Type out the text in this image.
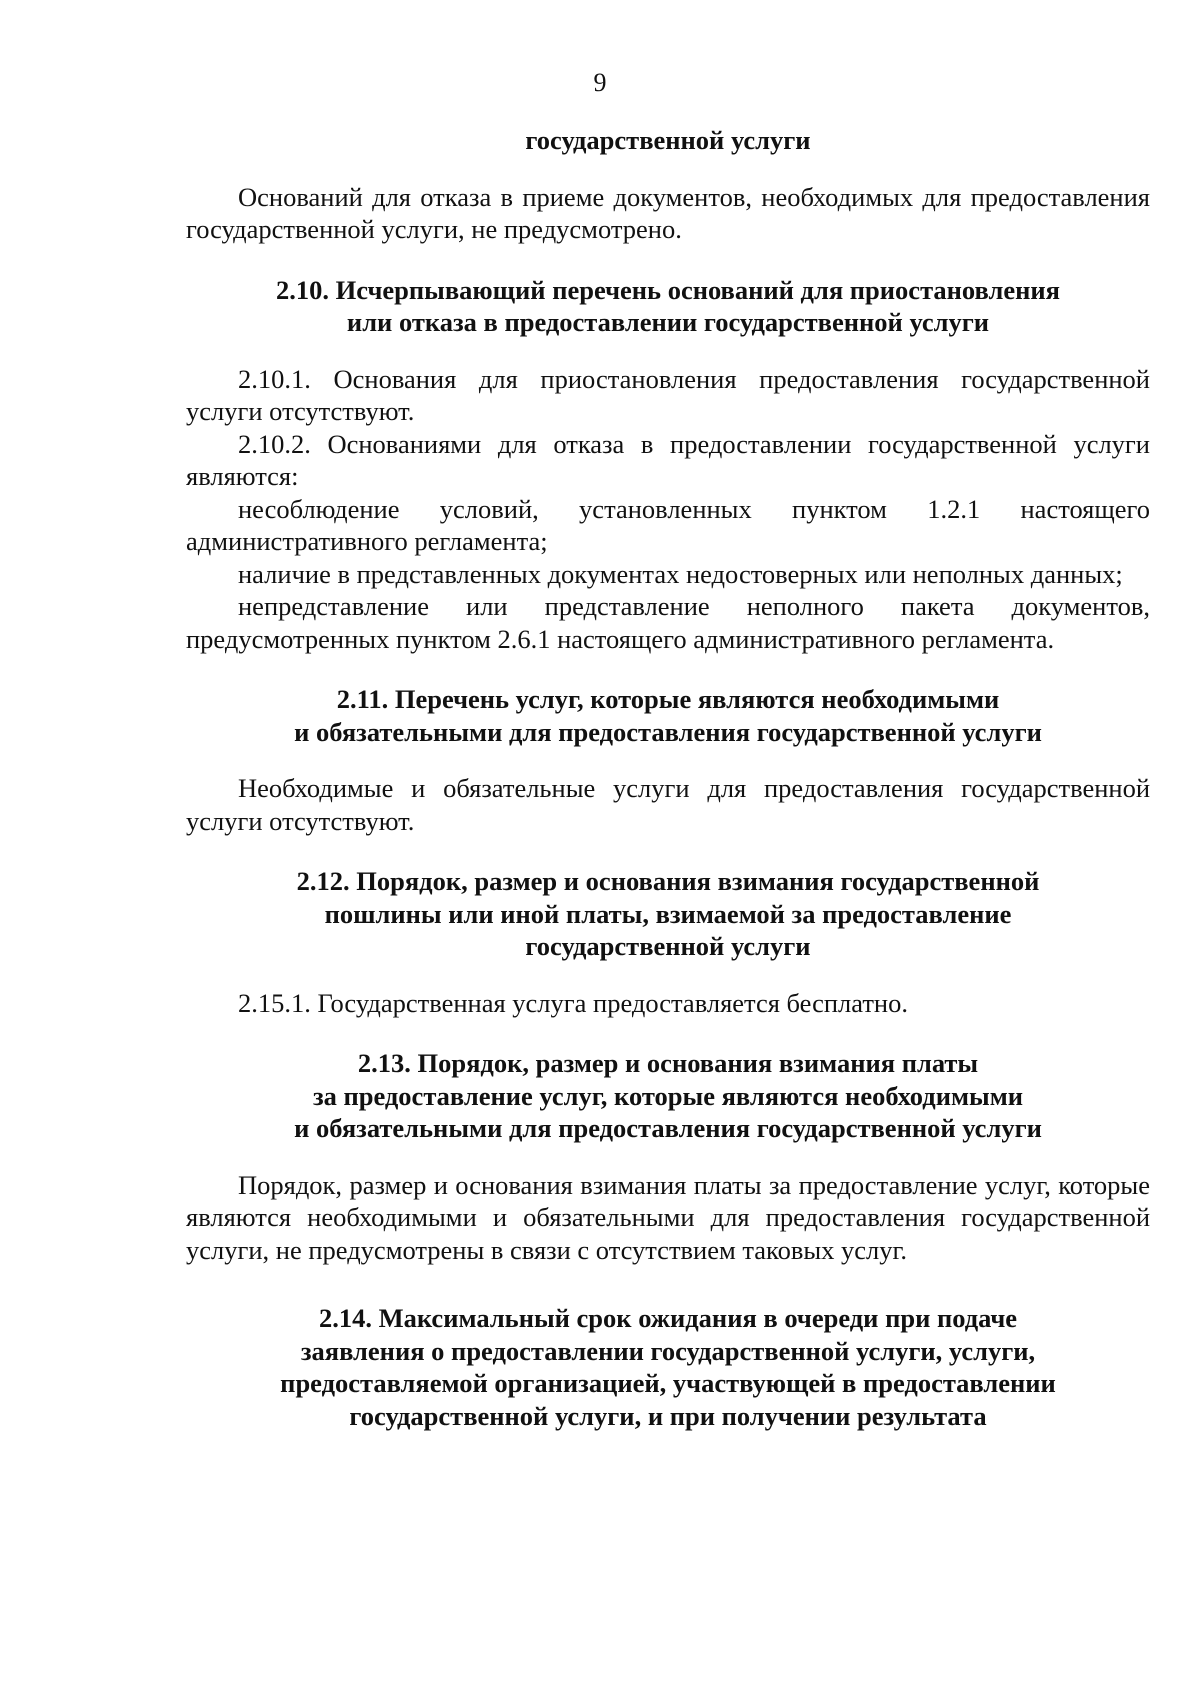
9
государственной услуги

Оснований для отказа в приеме документов, необходимых для предоставления государственной услуги, не предусмотрено.

2.10. Исчерпывающий перечень оснований для приостановления
или отказа в предоставлении государственной услуги

2.10.1. Основания для приостановления предоставления государственной услуги отсутствуют.

2.10.2. Основаниями для отказа в предоставлении государственной услуги являются:

несоблюдение условий, установленных пунктом 1.2.1 настоящего административного регламента;

наличие в представленных документах недостоверных или неполных данных;

непредставление или представление неполного пакета документов, предусмотренных пунктом 2.6.1 настоящего административного регламента.

2.11. Перечень услуг, которые являются необходимыми
и обязательными для предоставления государственной услуги

Необходимые и обязательные услуги для предоставления государственной услуги отсутствуют.

2.12. Порядок, размер и основания взимания государственной
пошлины или иной платы, взимаемой за предоставление
государственной услуги

2.15.1. Государственная услуга предоставляется бесплатно.

2.13. Порядок, размер и основания взимания платы
за предоставление услуг, которые являются необходимыми
и обязательными для предоставления государственной услуги

Порядок, размер и основания взимания платы за предоставление услуг, которые являются необходимыми и обязательными для предоставления государственной услуги, не предусмотрены в связи с отсутствием таковых услуг.

2.14. Максимальный срок ожидания в очереди при подаче
заявления о предоставлении государственной услуги, услуги,
предоставляемой организацией, участвующей в предоставлении
государственной услуги, и при получении результата
